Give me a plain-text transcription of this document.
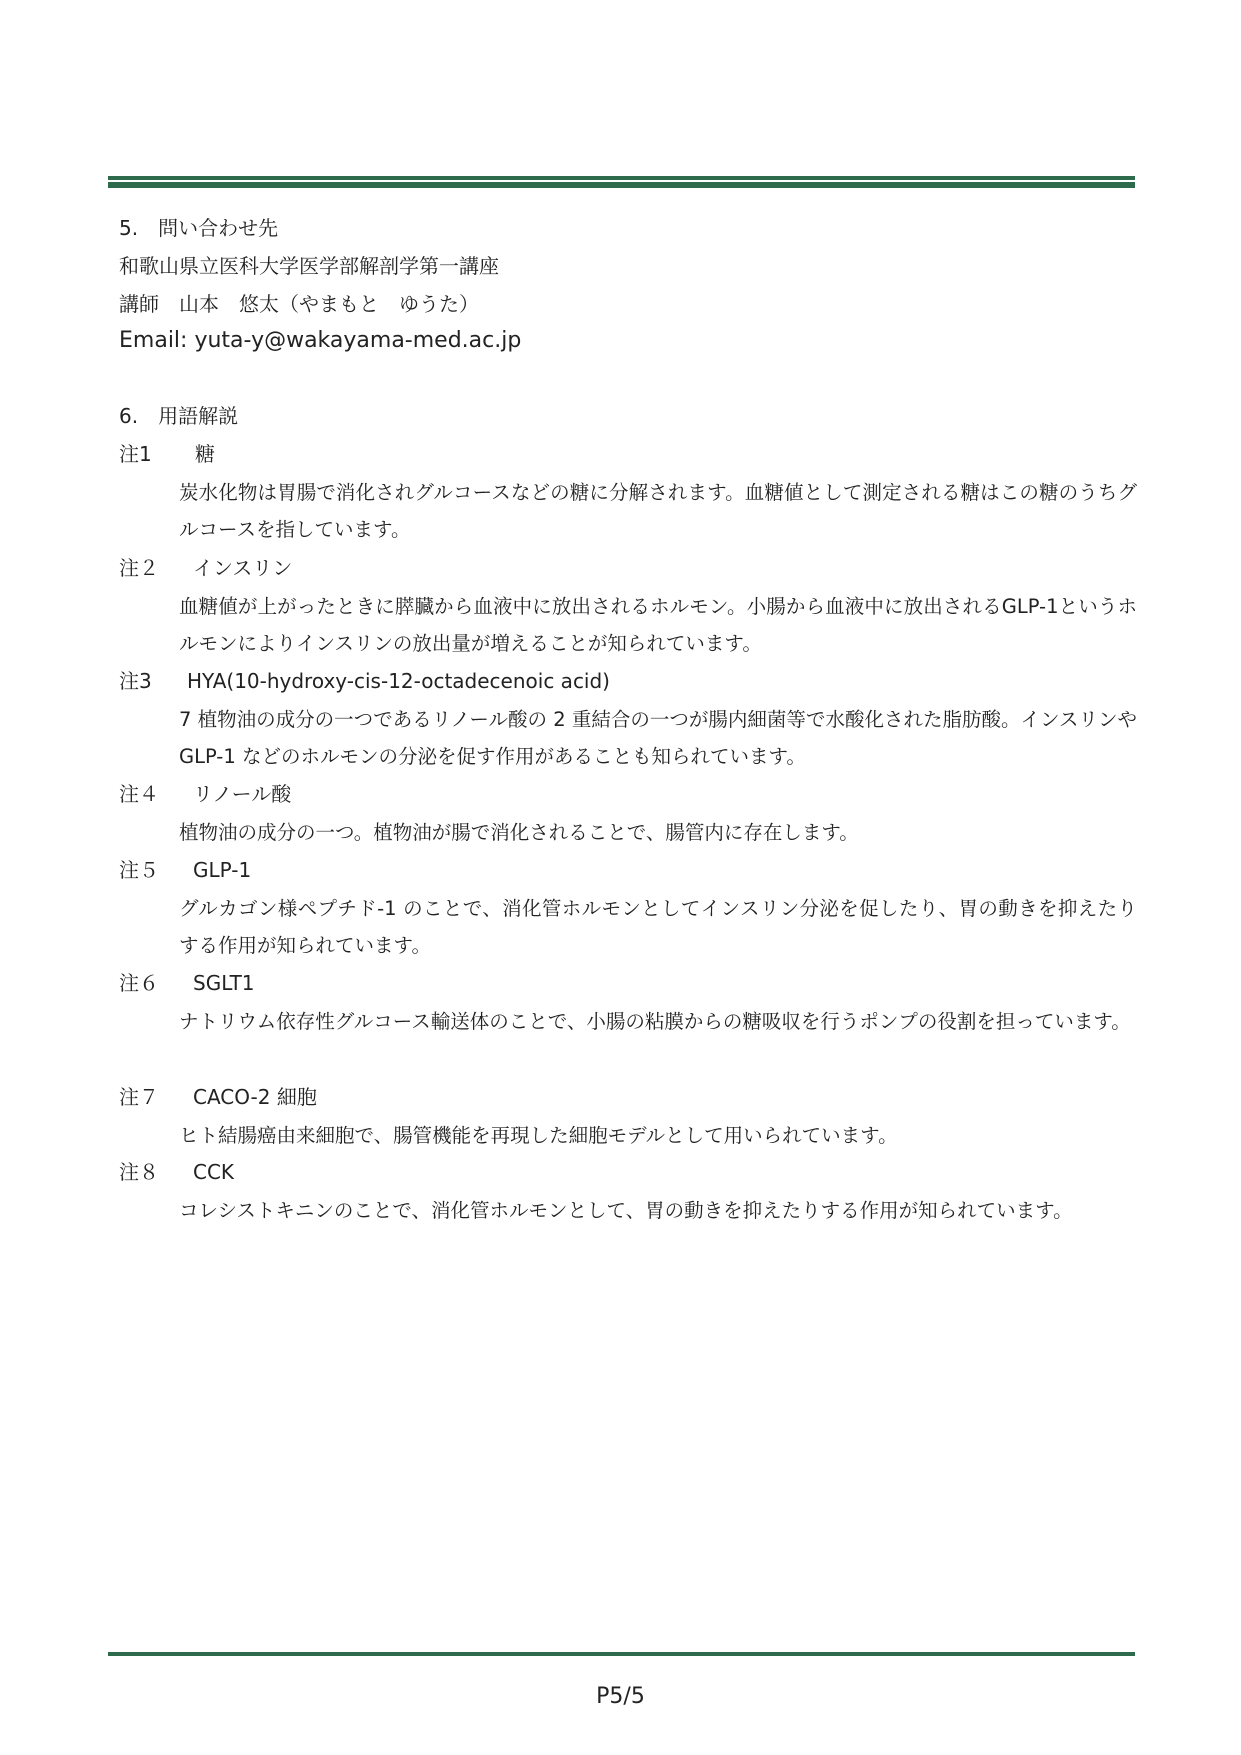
5.　問い合わせ先
和歌山県立医科大学医学部解剖学第一講座
講師　山本　悠太（やまもと　ゆうた）
Email: yuta-y@wakayama-med.ac.jp
6.　用語解説
注1 糖
炭水化物は胃腸で消化されグルコースなどの糖に分解されます。血糖値として測定される糖はこの糖のうちグルコースを指しています。
注２ インスリン
血糖値が上がったときに膵臓から血液中に放出されるホルモン。小腸から血液中に放出されるGLP-1というホルモンによりインスリンの放出量が増えることが知られています。
注3 HYA(10-hydroxy-cis-12-octadecenoic acid)
7 植物油の成分の一つであるリノール酸の 2 重結合の一つが腸内細菌等で水酸化された脂肪酸。インスリンや GLP-1 などのホルモンの分泌を促す作用があることも知られています。
注４ リノール酸
植物油の成分の一つ。植物油が腸で消化されることで、腸管内に存在します。
注５ GLP-1
グルカゴン様ペプチド-1 のことで、消化管ホルモンとしてインスリン分泌を促したり、胃の動きを抑えたりする作用が知られています。
注６ SGLT1
ナトリウム依存性グルコース輸送体のことで、小腸の粘膜からの糖吸収を行うポンプの役割を担っています。
注７ CACO-2 細胞
ヒト結腸癌由来細胞で、腸管機能を再現した細胞モデルとして用いられています。
注８ CCK
コレシストキニンのことで、消化管ホルモンとして、胃の動きを抑えたりする作用が知られています。
P5/5
